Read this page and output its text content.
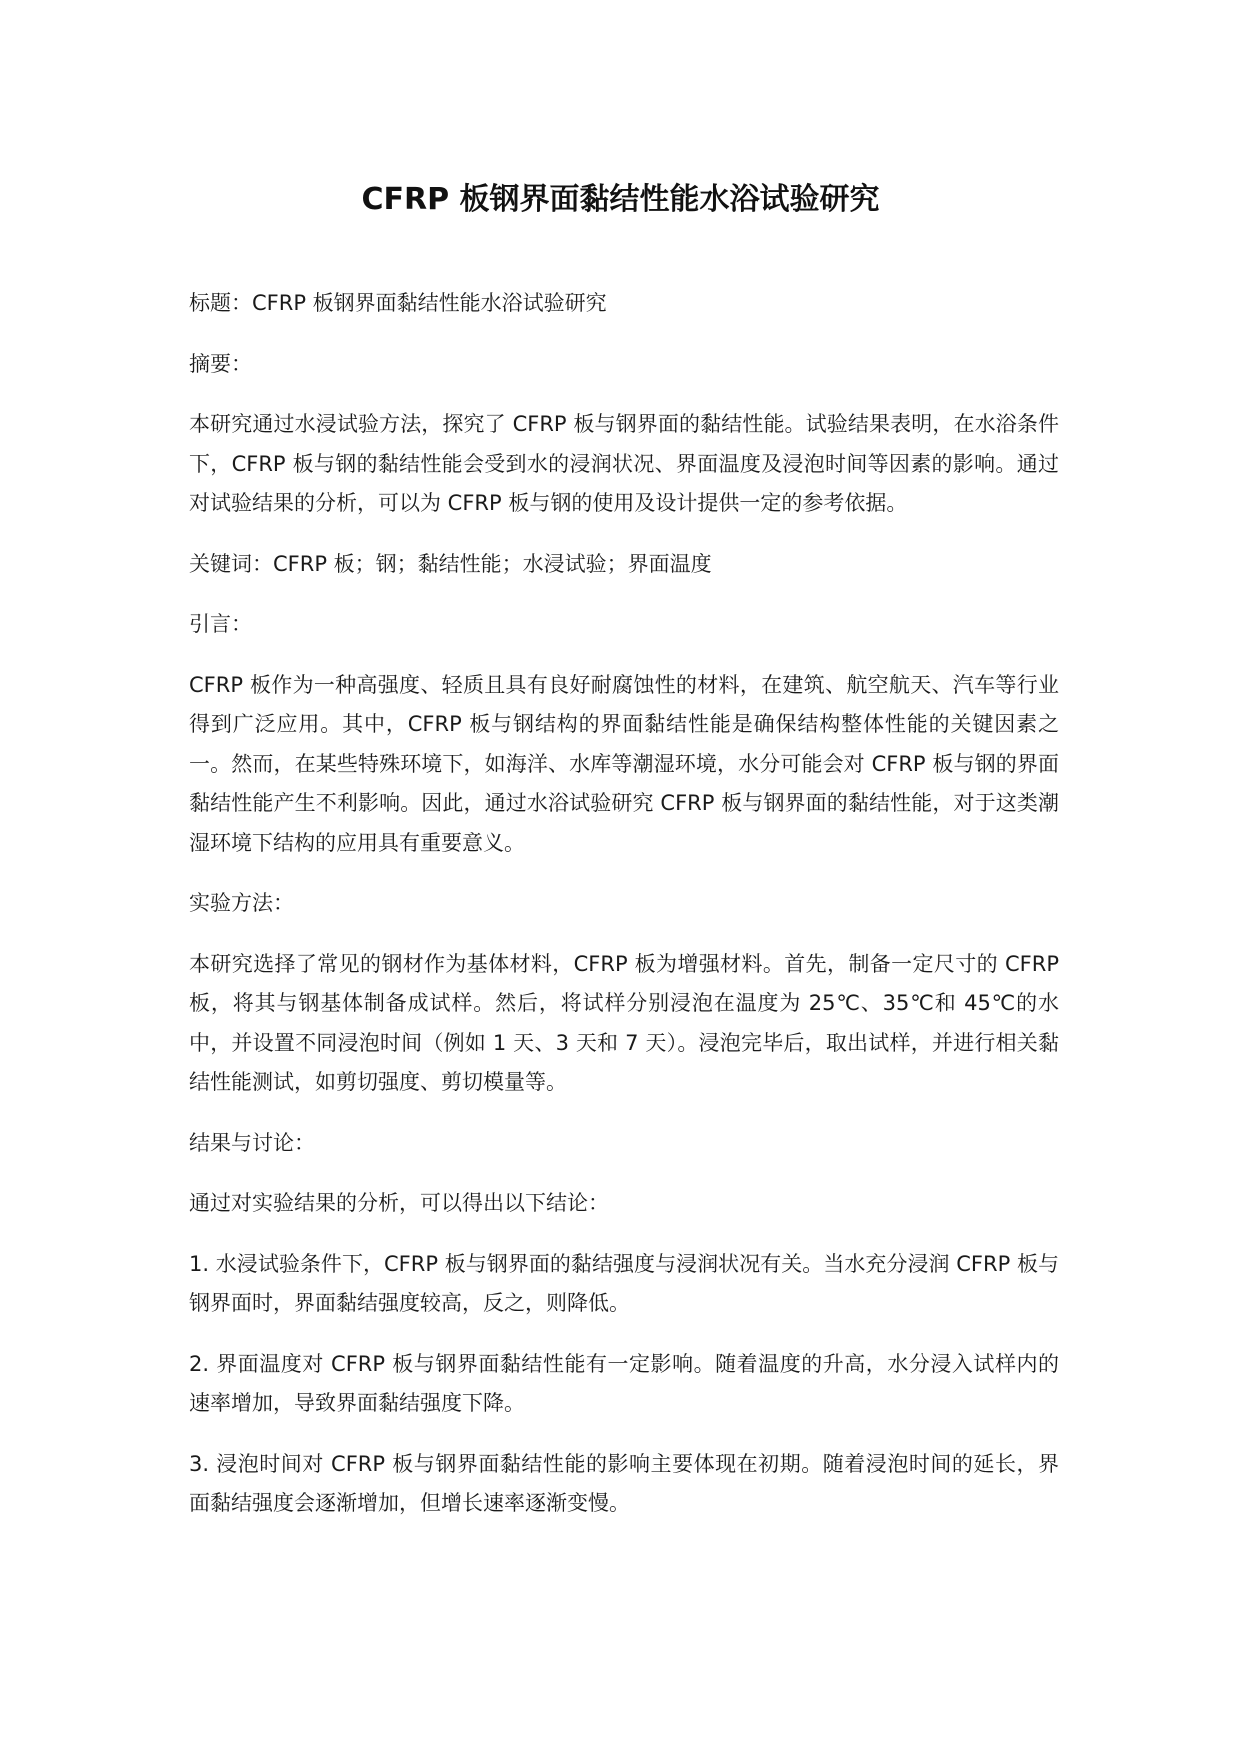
CFRP 板钢界面黏结性能水浴试验研究

标题：CFRP 板钢界面黏结性能水浴试验研究

摘要：

本研究通过水浸试验方法，探究了 CFRP 板与钢界面的黏结性能。试验结果表明，在水浴条件下，CFRP 板与钢的黏结性能会受到水的浸润状况、界面温度及浸泡时间等因素的影响。通过对试验结果的分析，可以为 CFRP 板与钢的使用及设计提供一定的参考依据。

关键词：CFRP 板；钢；黏结性能；水浸试验；界面温度

引言：

CFRP 板作为一种高强度、轻质且具有良好耐腐蚀性的材料，在建筑、航空航天、汽车等行业得到广泛应用。其中，CFRP 板与钢结构的界面黏结性能是确保结构整体性能的关键因素之一。然而，在某些特殊环境下，如海洋、水库等潮湿环境，水分可能会对 CFRP 板与钢的界面黏结性能产生不利影响。因此，通过水浴试验研究 CFRP 板与钢界面的黏结性能，对于这类潮湿环境下结构的应用具有重要意义。

实验方法：

本研究选择了常见的钢材作为基体材料，CFRP 板为增强材料。首先，制备一定尺寸的 CFRP 板，将其与钢基体制备成试样。然后，将试样分别浸泡在温度为 25℃、35℃和 45℃的水中，并设置不同浸泡时间（例如 1 天、3 天和 7 天）。浸泡完毕后，取出试样，并进行相关黏结性能测试，如剪切强度、剪切模量等。

结果与讨论：

通过对实验结果的分析，可以得出以下结论：

1. 水浸试验条件下，CFRP 板与钢界面的黏结强度与浸润状况有关。当水充分浸润 CFRP 板与钢界面时，界面黏结强度较高，反之，则降低。

2. 界面温度对 CFRP 板与钢界面黏结性能有一定影响。随着温度的升高，水分浸入试样内的速率增加，导致界面黏结强度下降。

3. 浸泡时间对 CFRP 板与钢界面黏结性能的影响主要体现在初期。随着浸泡时间的延长，界面黏结强度会逐渐增加，但增长速率逐渐变慢。
